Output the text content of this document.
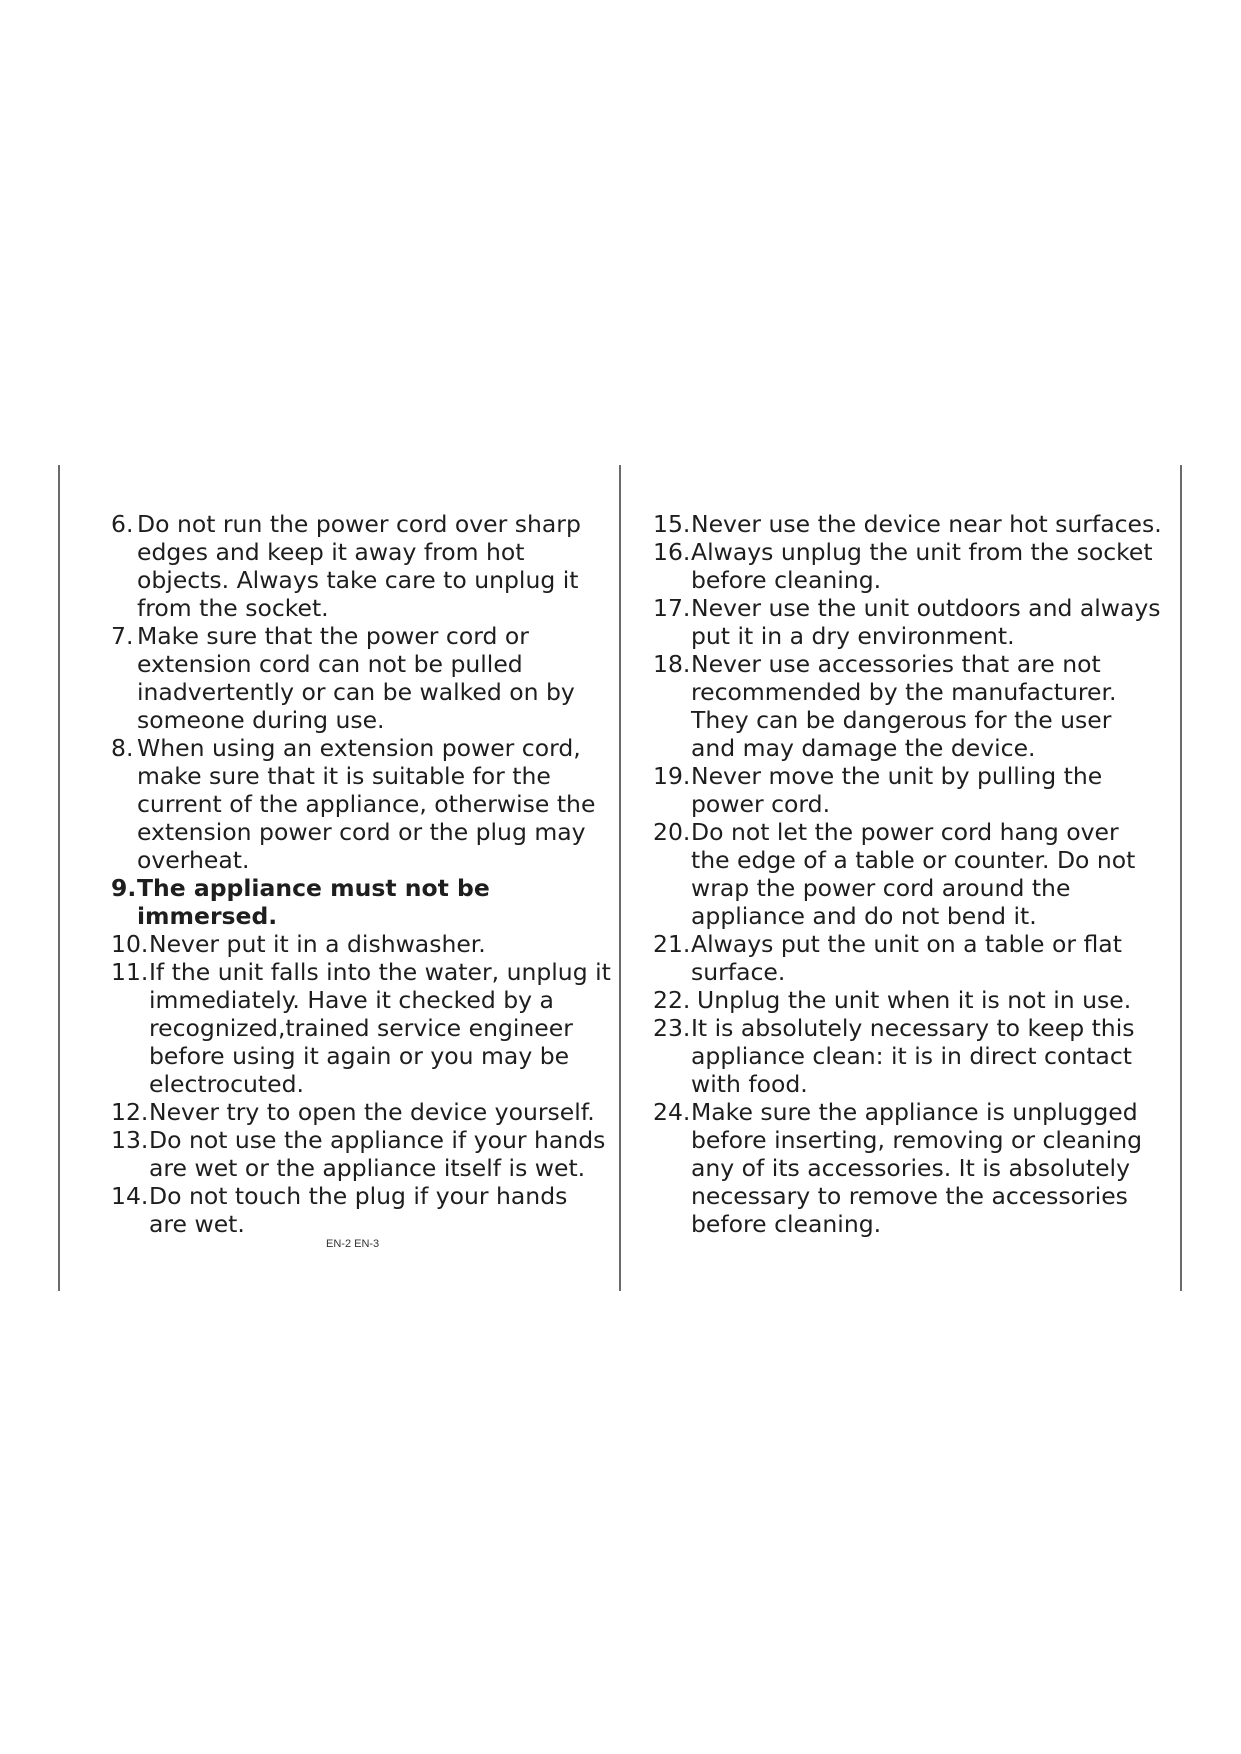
6. Do not run the power cord over sharp edges and keep it away from hot objects. Always take care to unplug it from the socket.
7. Make sure that the power cord or extension cord can not be pulled inadvertently or can be walked on by someone during use.
8. When using an extension power cord, make sure that it is suitable for the current of the appliance, otherwise the extension power cord or the plug may overheat.
9. The appliance must not be immersed.
10. Never put it in a dishwasher.
11. If the unit falls into the water, unplug it immediately. Have it checked by a recognized,trained service engineer before using it again or you may be electrocuted.
12. Never try to open the device yourself.
13. Do not use the appliance if your hands are wet or the appliance itself is wet.
14. Do not touch the plug if your hands are wet.
15. Never use the device near hot surfaces.
16. Always unplug the unit from the socket before cleaning.
17. Never use the unit outdoors and always put it in a dry environment.
18. Never use accessories that are not recommended by the manufacturer. They can be dangerous for the user and may damage the device.
19. Never move the unit by pulling the power cord.
20. Do not let the power cord hang over the edge of a table or counter. Do not wrap the power cord around the appliance and do not bend it.
21. Always put the unit on a table or flat surface.
22. Unplug the unit when it is not in use.
23. It is absolutely necessary to keep this appliance clean: it is in direct contact with food.
24. Make sure the appliance is unplugged before inserting, removing or cleaning any of its accessories. It is absolutely necessary to remove the accessories before cleaning.
EN-2 EN-3
